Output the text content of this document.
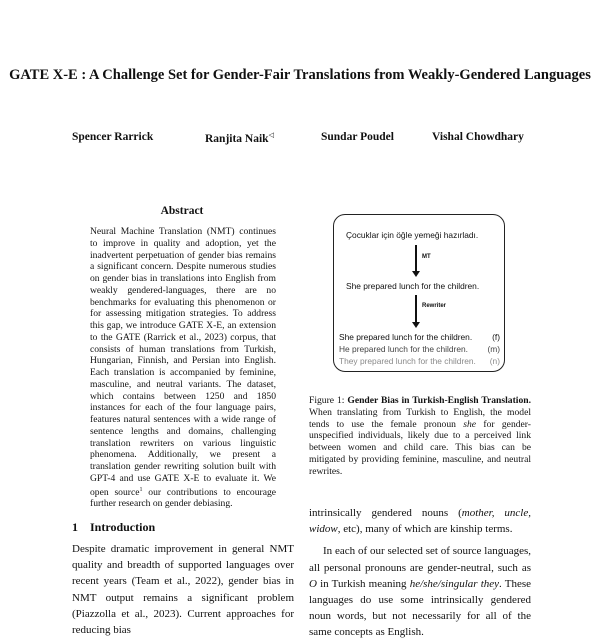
GATE X-E : A Challenge Set for Gender-Fair Translations from Weakly-Gendered Languages
Spencer Rarrick	Ranjita Naik◁	Sundar Poudel	Vishal Chowdhary
Abstract
Neural Machine Translation (NMT) continues to improve in quality and adoption, yet the inadvertent perpetuation of gender bias remains a significant concern. Despite numerous studies on gender bias in translations into English from weakly gendered-languages, there are no benchmarks for evaluating this phenomenon or for assessing mitigation strategies. To address this gap, we introduce GATE X-E, an extension to the GATE (Rarrick et al., 2023) corpus, that consists of human translations from Turkish, Hungarian, Finnish, and Persian into English. Each translation is accompanied by feminine, masculine, and neutral variants. The dataset, which contains between 1250 and 1850 instances for each of the four language pairs, features natural sentences with a wide range of sentence lengths and domains, challenging translation rewriters on various linguistic phenomena. Additionally, we present a translation gender rewriting solution built with GPT-4 and use GATE X-E to evaluate it. We open source$^1$ our contributions to encourage further research on gender debiasing.
1 Introduction
Despite dramatic improvement in general NMT quality and breadth of supported languages over recent years (Team et al., 2022), gender bias in NMT output remains a significant problem (Piazzolla et al., 2023). Current approaches for reducing bias
Çocuklar için öğle yemeği hazırladı.
MT
She prepared lunch for the children.
Rewriter
She prepared lunch for the children. (f)
He prepared lunch for the children. (m)
They prepared lunch for the children. (n)
Figure 1: Gender Bias in Turkish-English Translation. When translating from Turkish to English, the model tends to use the female pronoun she for gender-unspecified individuals, likely due to a perceived link between women and child care. This bias can be mitigated by providing feminine, masculine, and neutral rewrites.

intrinsically gendered nouns (mother, uncle, widow, etc), many of which are kinship terms.

In each of our selected set of source languages, all personal pronouns are gender-neutral, such as O in Turkish meaning he/she/singular they. These languages do use some intrinsically gendered noun words, but not necessarily for all of the same concepts as English.
